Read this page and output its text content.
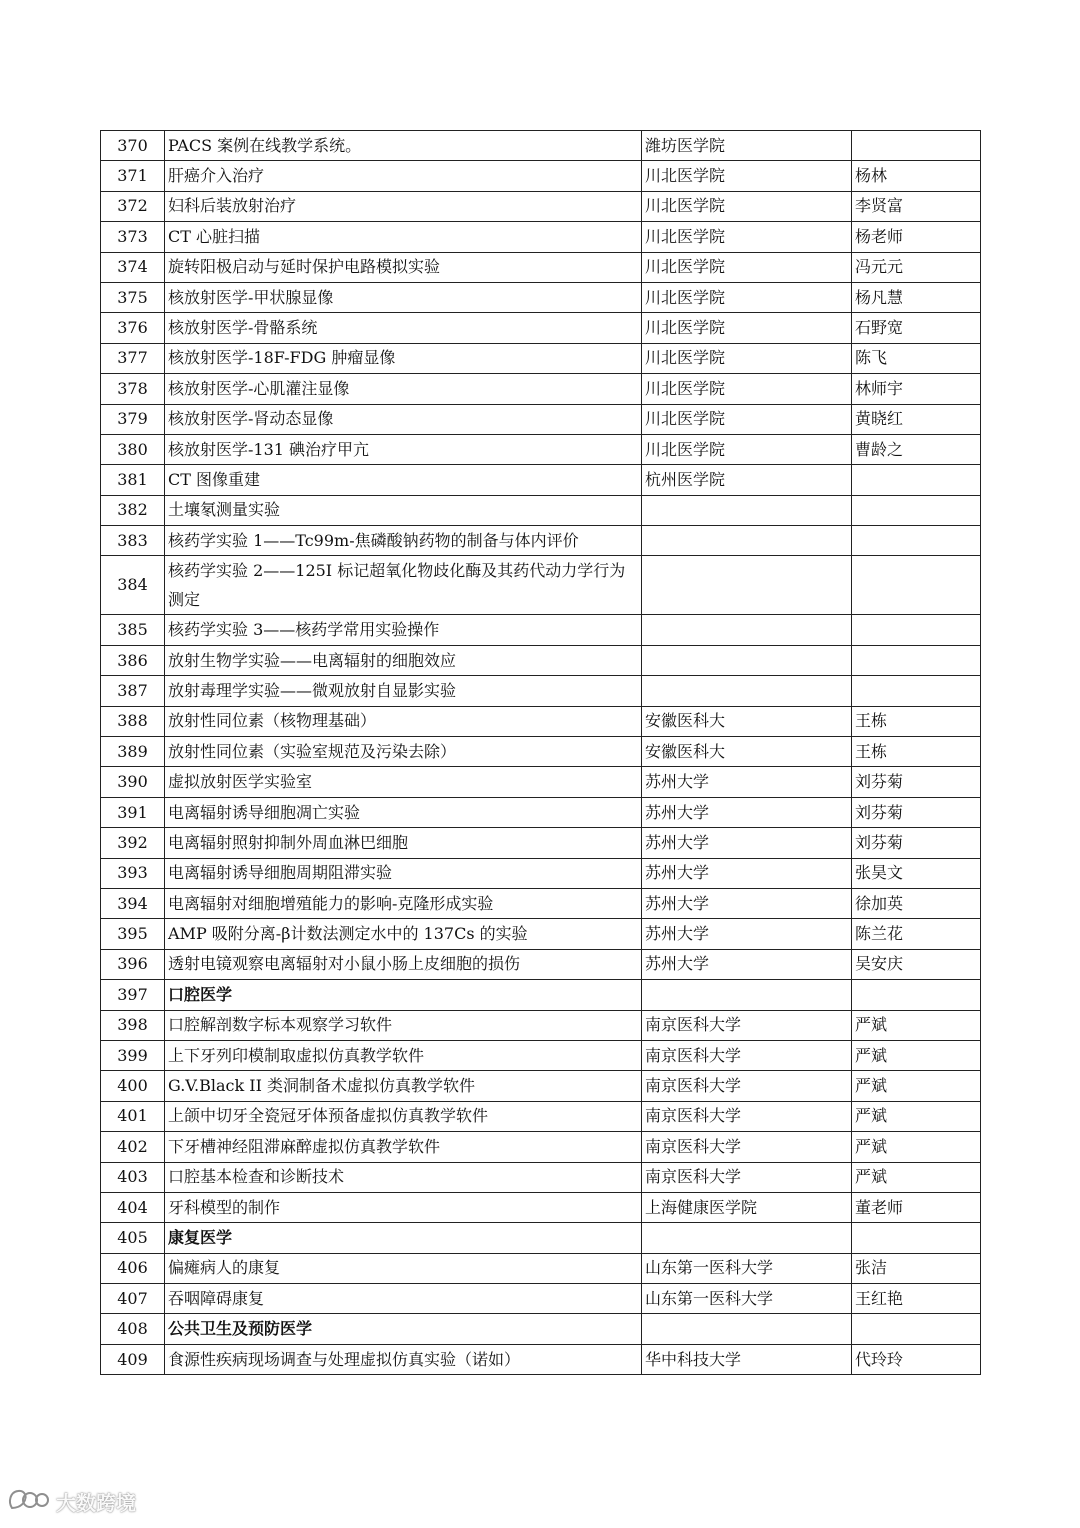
370	PACS 案例在线教学系统。	潍坊医学院	
371	肝癌介入治疗	川北医学院	杨林
372	妇科后装放射治疗	川北医学院	李贤富
373	CT 心脏扫描	川北医学院	杨老师
374	旋转阳极启动与延时保护电路模拟实验	川北医学院	冯元元
375	核放射医学-甲状腺显像	川北医学院	杨凡慧
376	核放射医学-骨骼系统	川北医学院	石野宽
377	核放射医学-18F-FDG 肿瘤显像	川北医学院	陈飞
378	核放射医学-心肌灌注显像	川北医学院	林师宇
379	核放射医学-肾动态显像	川北医学院	黄晓红
380	核放射医学-131 碘治疗甲亢	川北医学院	曹龄之
381	CT 图像重建	杭州医学院	
382	土壤氡测量实验		
383	核药学实验 1——Tc99m-焦磷酸钠药物的制备与体内评价		
384	核药学实验 2——125I 标记超氧化物歧化酶及其药代动力学行为测定		
385	核药学实验 3——核药学常用实验操作		
386	放射生物学实验——电离辐射的细胞效应		
387	放射毒理学实验——微观放射自显影实验		
388	放射性同位素（核物理基础）	安徽医科大	王栋
389	放射性同位素（实验室规范及污染去除）	安徽医科大	王栋
390	虚拟放射医学实验室	苏州大学	刘芬菊
391	电离辐射诱导细胞凋亡实验	苏州大学	刘芬菊
392	电离辐射照射抑制外周血淋巴细胞	苏州大学	刘芬菊
393	电离辐射诱导细胞周期阻滞实验	苏州大学	张昊文
394	电离辐射对细胞增殖能力的影响-克隆形成实验	苏州大学	徐加英
395	AMP 吸附分离-β计数法测定水中的 137Cs 的实验	苏州大学	陈兰花
396	透射电镜观察电离辐射对小鼠小肠上皮细胞的损伤	苏州大学	吴安庆
397	口腔医学		
398	口腔解剖数字标本观察学习软件	南京医科大学	严斌
399	上下牙列印模制取虚拟仿真教学软件	南京医科大学	严斌
400	G.V.Black II 类洞制备术虚拟仿真教学软件	南京医科大学	严斌
401	上颌中切牙全瓷冠牙体预备虚拟仿真教学软件	南京医科大学	严斌
402	下牙槽神经阻滞麻醉虚拟仿真教学软件	南京医科大学	严斌
403	口腔基本检查和诊断技术	南京医科大学	严斌
404	牙科模型的制作	上海健康医学院	董老师
405	康复医学		
406	偏瘫病人的康复	山东第一医科大学	张洁
407	吞咽障碍康复	山东第一医科大学	王红艳
408	公共卫生及预防医学		
409	食源性疾病现场调查与处理虚拟仿真实验（诺如）	华中科技大学	代玲玲
大数跨境
